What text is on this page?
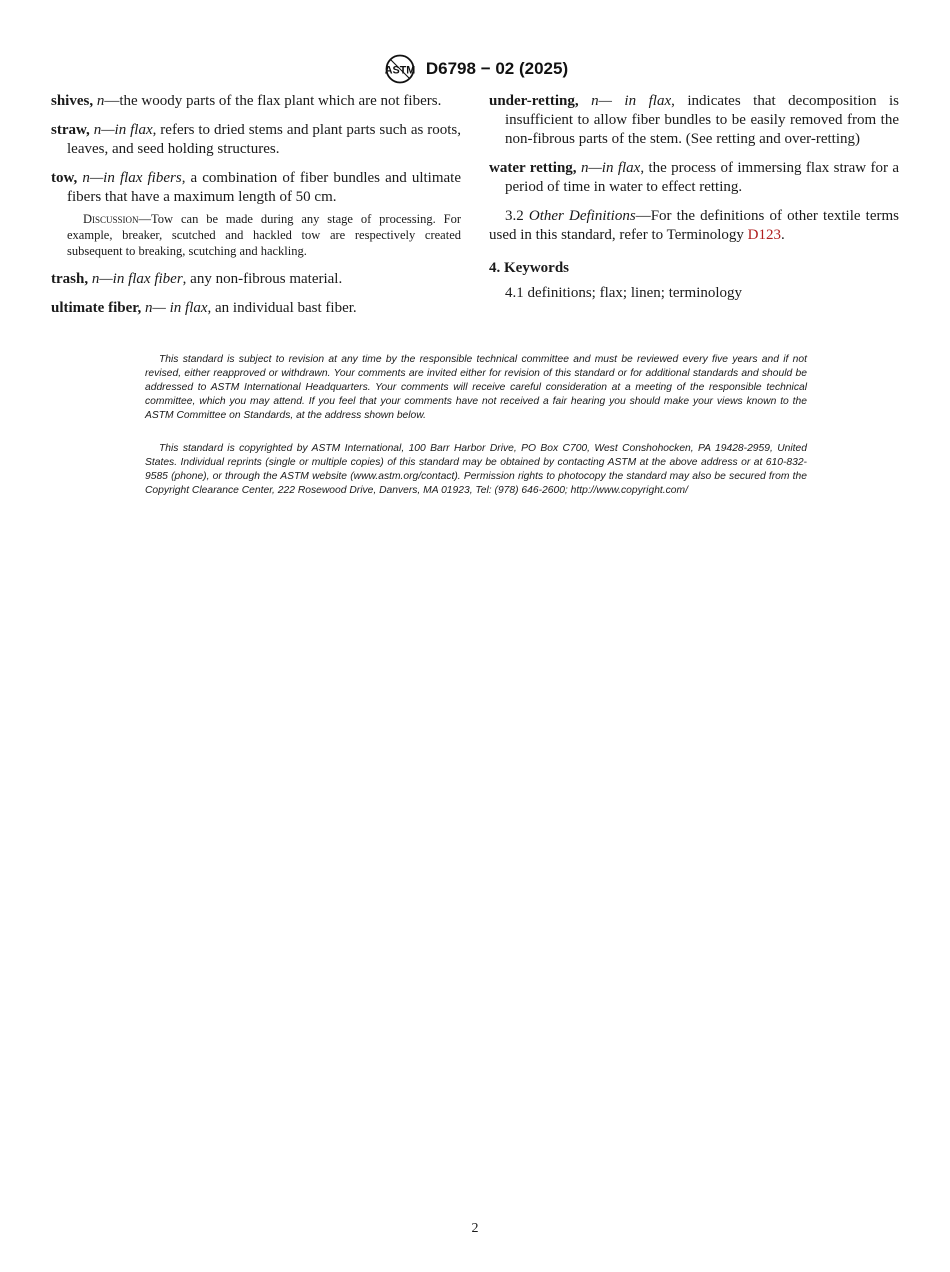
ASTM D6798 − 02 (2025)

shives, n—the woody parts of the flax plant which are not fibers.

straw, n—in flax, refers to dried stems and plant parts such as roots, leaves, and seed holding structures.

tow, n—in flax fibers, a combination of fiber bundles and ultimate fibers that have a maximum length of 50 cm.

Discussion—Tow can be made during any stage of processing. For example, breaker, scutched and hackled tow are respectively created subsequent to breaking, scutching and hackling.

trash, n—in flax fiber, any non-fibrous material.

ultimate fiber, n— in flax, an individual bast fiber.

under-retting, n— in flax, indicates that decomposition is insufficient to allow fiber bundles to be easily removed from the non-fibrous parts of the stem. (See retting and over-retting)

water retting, n—in flax, the process of immersing flax straw for a period of time in water to effect retting.

3.2 Other Definitions—For the definitions of other textile terms used in this standard, refer to Terminology D123.

4. Keywords

4.1 definitions; flax; linen; terminology

This standard is subject to revision at any time by the responsible technical committee and must be reviewed every five years and if not revised, either reapproved or withdrawn. Your comments are invited either for revision of this standard or for additional standards and should be addressed to ASTM International Headquarters. Your comments will receive careful consideration at a meeting of the responsible technical committee, which you may attend. If you feel that your comments have not received a fair hearing you should make your views known to the ASTM Committee on Standards, at the address shown below.

This standard is copyrighted by ASTM International, 100 Barr Harbor Drive, PO Box C700, West Conshohocken, PA 19428-2959, United States. Individual reprints (single or multiple copies) of this standard may be obtained by contacting ASTM at the above address or at 610-832-9585 (phone), or through the ASTM website (www.astm.org/contact). Permission rights to photocopy the standard may also be secured from the Copyright Clearance Center, 222 Rosewood Drive, Danvers, MA 01923, Tel: (978) 646-2600; http://www.copyright.com/

2
